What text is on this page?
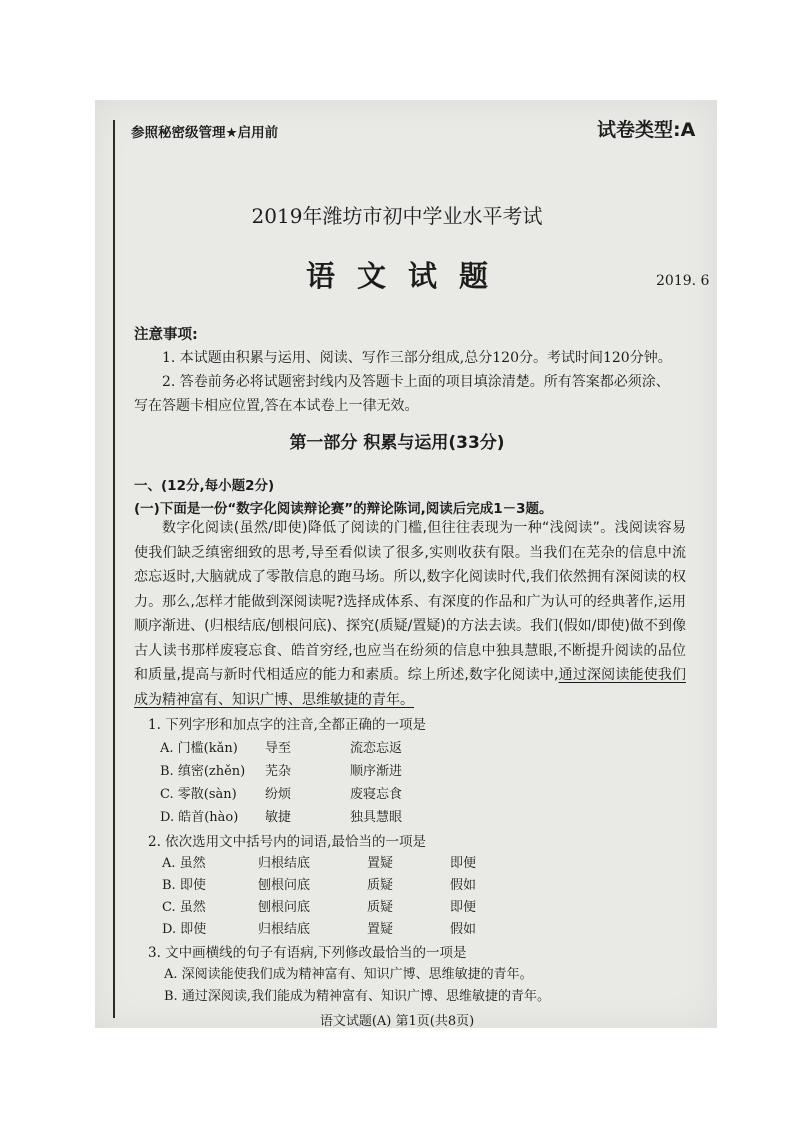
参照秘密级管理★启用前	试卷类型:A
2019年潍坊市初中学业水平考试
语文试题	2019. 6
注意事项:
1. 本试题由积累与运用、阅读、写作三部分组成,总分120分。考试时间120分钟。
2. 答卷前务必将试题密封线内及答题卡上面的项目填涂清楚。所有答案都必须涂、
写在答题卡相应位置,答在本试卷上一律无效。
第一部分 积累与运用(33分)
一、(12分,每小题2分)
(一)下面是一份“数字化阅读辩论赛”的辩论陈词,阅读后完成1－3题。

数字化阅读(虽然/即使)降低了阅读的门槛,但往往表现为一种“浅阅读”。浅阅读容易使我们缺乏缜密细致的思考,导至看似读了很多,实则收获有限。当我们在芜杂的信息中流恋忘返时,大脑就成了零散信息的跑马场。所以,数字化阅读时代,我们依然拥有深阅读的权力。那么,怎样才能做到深阅读呢?选择成体系、有深度的作品和广为认可的经典著作,运用顺序渐进、(归根结底/刨根问底)、探究(质疑/置疑)的方法去读。我们(假如/即使)做不到像古人读书那样废寝忘食、皓首穷经,也应当在纷须的信息中独具慧眼,不断提升阅读的品位和质量,提高与新时代相适应的能力和素质。综上所述,数字化阅读中,通过深阅读能使我们成为精神富有、知识广博、思维敏捷的青年。

1. 下列字形和加点字的注音,全都正确的一项是
A. 门槛(kǎn) 导至	流恋忘返
B. 缜密(zhěn) 芜杂	顺序渐进
C. 零散(sàn) 纷烦	废寝忘食
D. 皓首(hào) 敏捷	独具慧眼
2. 依次选用文中括号内的词语,最恰当的一项是
A. 虽然	归根结底	置疑	即便
B. 即使	刨根问底	质疑	假如
C. 虽然	刨根问底	质疑	即便
D. 即使	归根结底	置疑	假如
3. 文中画横线的句子有语病,下列修改最恰当的一项是
A. 深阅读能使我们成为精神富有、知识广博、思维敏捷的青年。
B. 通过深阅读,我们能成为精神富有、知识广博、思维敏捷的青年。
语文试题(A) 第1页(共8页)
